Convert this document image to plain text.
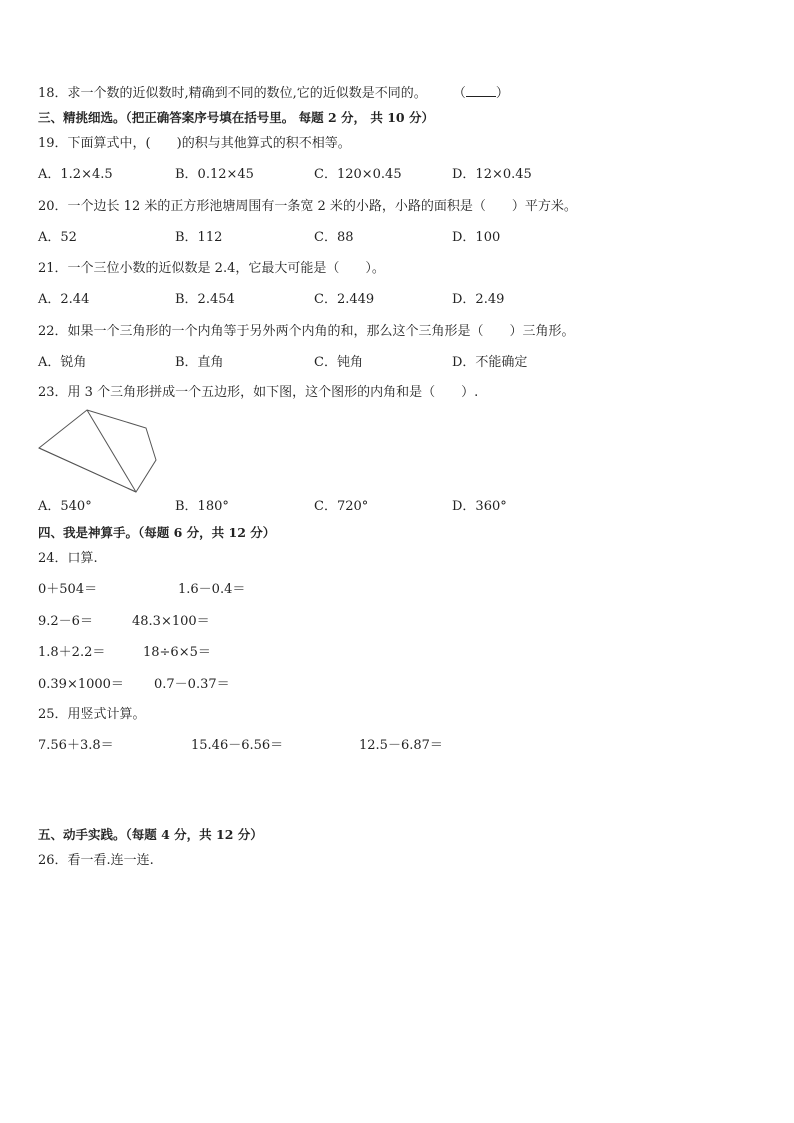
18．求一个数的近似数时,精确到不同的数位,它的近似数是不同的。 （ ）
三、精挑细选。（把正确答案序号填在括号里。 每题 2 分， 共 10 分）
19．下面算式中，( )的积与其他算式的积不相等。
A．1.2×4.5	B．0.12×45	C．120×0.45	D．12×0.45
20．一个边长 12 米的正方形池塘周围有一条宽 2 米的小路，小路的面积是（ ）平方米。
A．52	B．112	C．88	D．100
21．一个三位小数的近似数是 2.4，它最大可能是（ ）。
A．2.44	B．2.454	C．2.449	D．2.49
22．如果一个三角形的一个内角等于另外两个内角的和，那么这个三角形是（ ）三角形。
A．锐角	B．直角	C．钝角	D．不能确定
23．用 3 个三角形拼成一个五边形，如下图，这个图形的内角和是（ ）.
A．540°	B．180°	C．720°	D．360°
四、我是神算手。（每题 6 分，共 12 分）
24．口算.
0＋504＝	1.6－0.4＝
9.2－6＝	48.3×100＝
1.8＋2.2＝	18÷6×5＝
0.39×1000＝ 0.7－0.37＝
25．用竖式计算。
7.56＋3.8＝	15.46－6.56＝	12.5－6.87＝
五、动手实践。（每题 4 分，共 12 分）
26．看一看.连一连.
